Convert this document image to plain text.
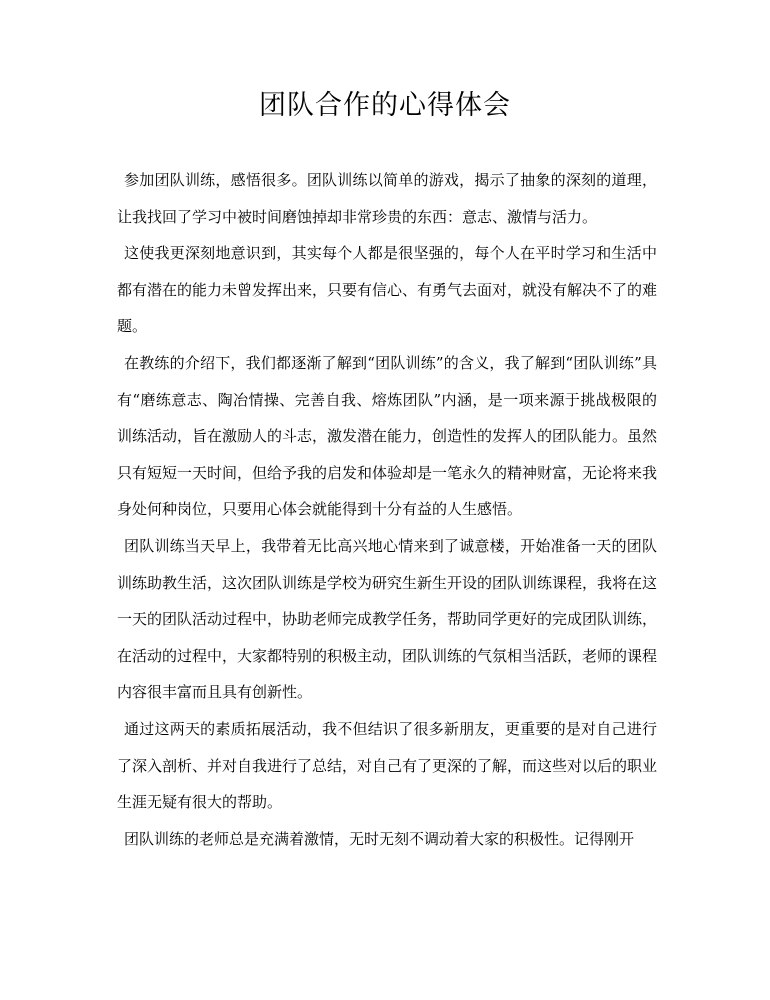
团队合作的心得体会

参加团队训练，感悟很多。团队训练以简单的游戏，揭示了抽象的深刻的道理，让我找回了学习中被时间磨蚀掉却非常珍贵的东西：意志、激情与活力。

这使我更深刻地意识到，其实每个人都是很坚强的，每个人在平时学习和生活中都有潜在的能力未曾发挥出来，只要有信心、有勇气去面对，就没有解决不了的难题。

在教练的介绍下，我们都逐渐了解到“团队训练”的含义，我了解到“团队训练”具有“磨练意志、陶冶情操、完善自我、熔炼团队”内涵，是一项来源于挑战极限的训练活动，旨在激励人的斗志，激发潜在能力，创造性的发挥人的团队能力。虽然只有短短一天时间，但给予我的启发和体验却是一笔永久的精神财富，无论将来我身处何种岗位，只要用心体会就能得到十分有益的人生感悟。

团队训练当天早上，我带着无比高兴地心情来到了诚意楼，开始准备一天的团队训练助教生活，这次团队训练是学校为研究生新生开设的团队训练课程，我将在这一天的团队活动过程中，协助老师完成教学任务，帮助同学更好的完成团队训练，在活动的过程中，大家都特别的积极主动，团队训练的气氛相当活跃，老师的课程内容很丰富而且具有创新性。

通过这两天的素质拓展活动，我不但结识了很多新朋友，更重要的是对自己进行了深入剖析、并对自我进行了总结，对自己有了更深的了解，而这些对以后的职业生涯无疑有很大的帮助。

团队训练的老师总是充满着激情，无时无刻不调动着大家的积极性。记得刚开
